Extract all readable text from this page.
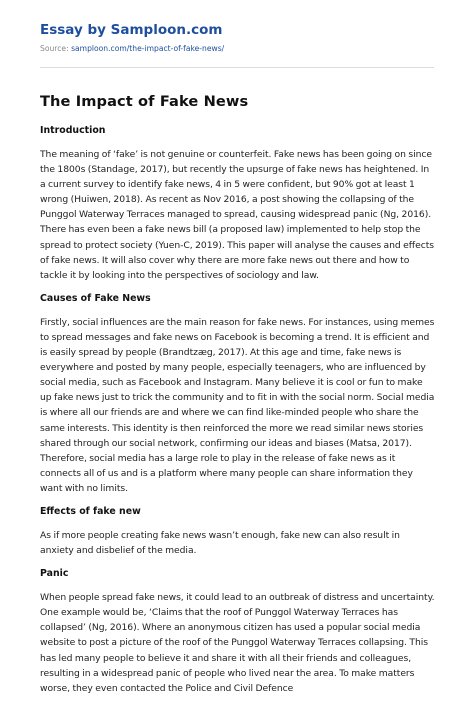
Essay by Samploon.com
Source: samploon.com/the-impact-of-fake-news/
The Impact of Fake News
Introduction

The meaning of ‘fake’ is not genuine or counterfeit. Fake news has been going on since the 1800s (Standage, 2017), but recently the upsurge of fake news has heightened. In a current survey to identify fake news, 4 in 5 were confident, but 90% got at least 1 wrong (Huiwen, 2018). As recent as Nov 2016, a post showing the collapsing of the Punggol Waterway Terraces managed to spread, causing widespread panic (Ng, 2016). There has even been a fake news bill (a proposed law) implemented to help stop the spread to protect society (Yuen-C, 2019). This paper will analyse the causes and effects of fake news. It will also cover why there are more fake news out there and how to tackle it by looking into the perspectives of sociology and law.

Causes of Fake News

Firstly, social influences are the main reason for fake news. For instances, using memes to spread messages and fake news on Facebook is becoming a trend. It is efficient and is easily spread by people (Brandtzæg, 2017). At this age and time, fake news is everywhere and posted by many people, especially teenagers, who are influenced by social media, such as Facebook and Instagram. Many believe it is cool or fun to make up fake news just to trick the community and to fit in with the social norm. Social media is where all our friends are and where we can find like-minded people who share the same interests. This identity is then reinforced the more we read similar news stories shared through our social network, confirming our ideas and biases (Matsa, 2017). Therefore, social media has a large role to play in the release of fake news as it connects all of us and is a platform where many people can share information they want with no limits.

Effects of fake new

As if more people creating fake news wasn’t enough, fake new can also result in anxiety and disbelief of the media.

Panic

When people spread fake news, it could lead to an outbreak of distress and uncertainty. One example would be, ‘Claims that the roof of Punggol Waterway Terraces has collapsed’ (Ng, 2016). Where an anonymous citizen has used a popular social media website to post a picture of the roof of the Punggol Waterway Terraces collapsing. This has led many people to believe it and share it with all their friends and colleagues, resulting in a widespread panic of people who lived near the area. To make matters worse, they even contacted the Police and Civil Defence
